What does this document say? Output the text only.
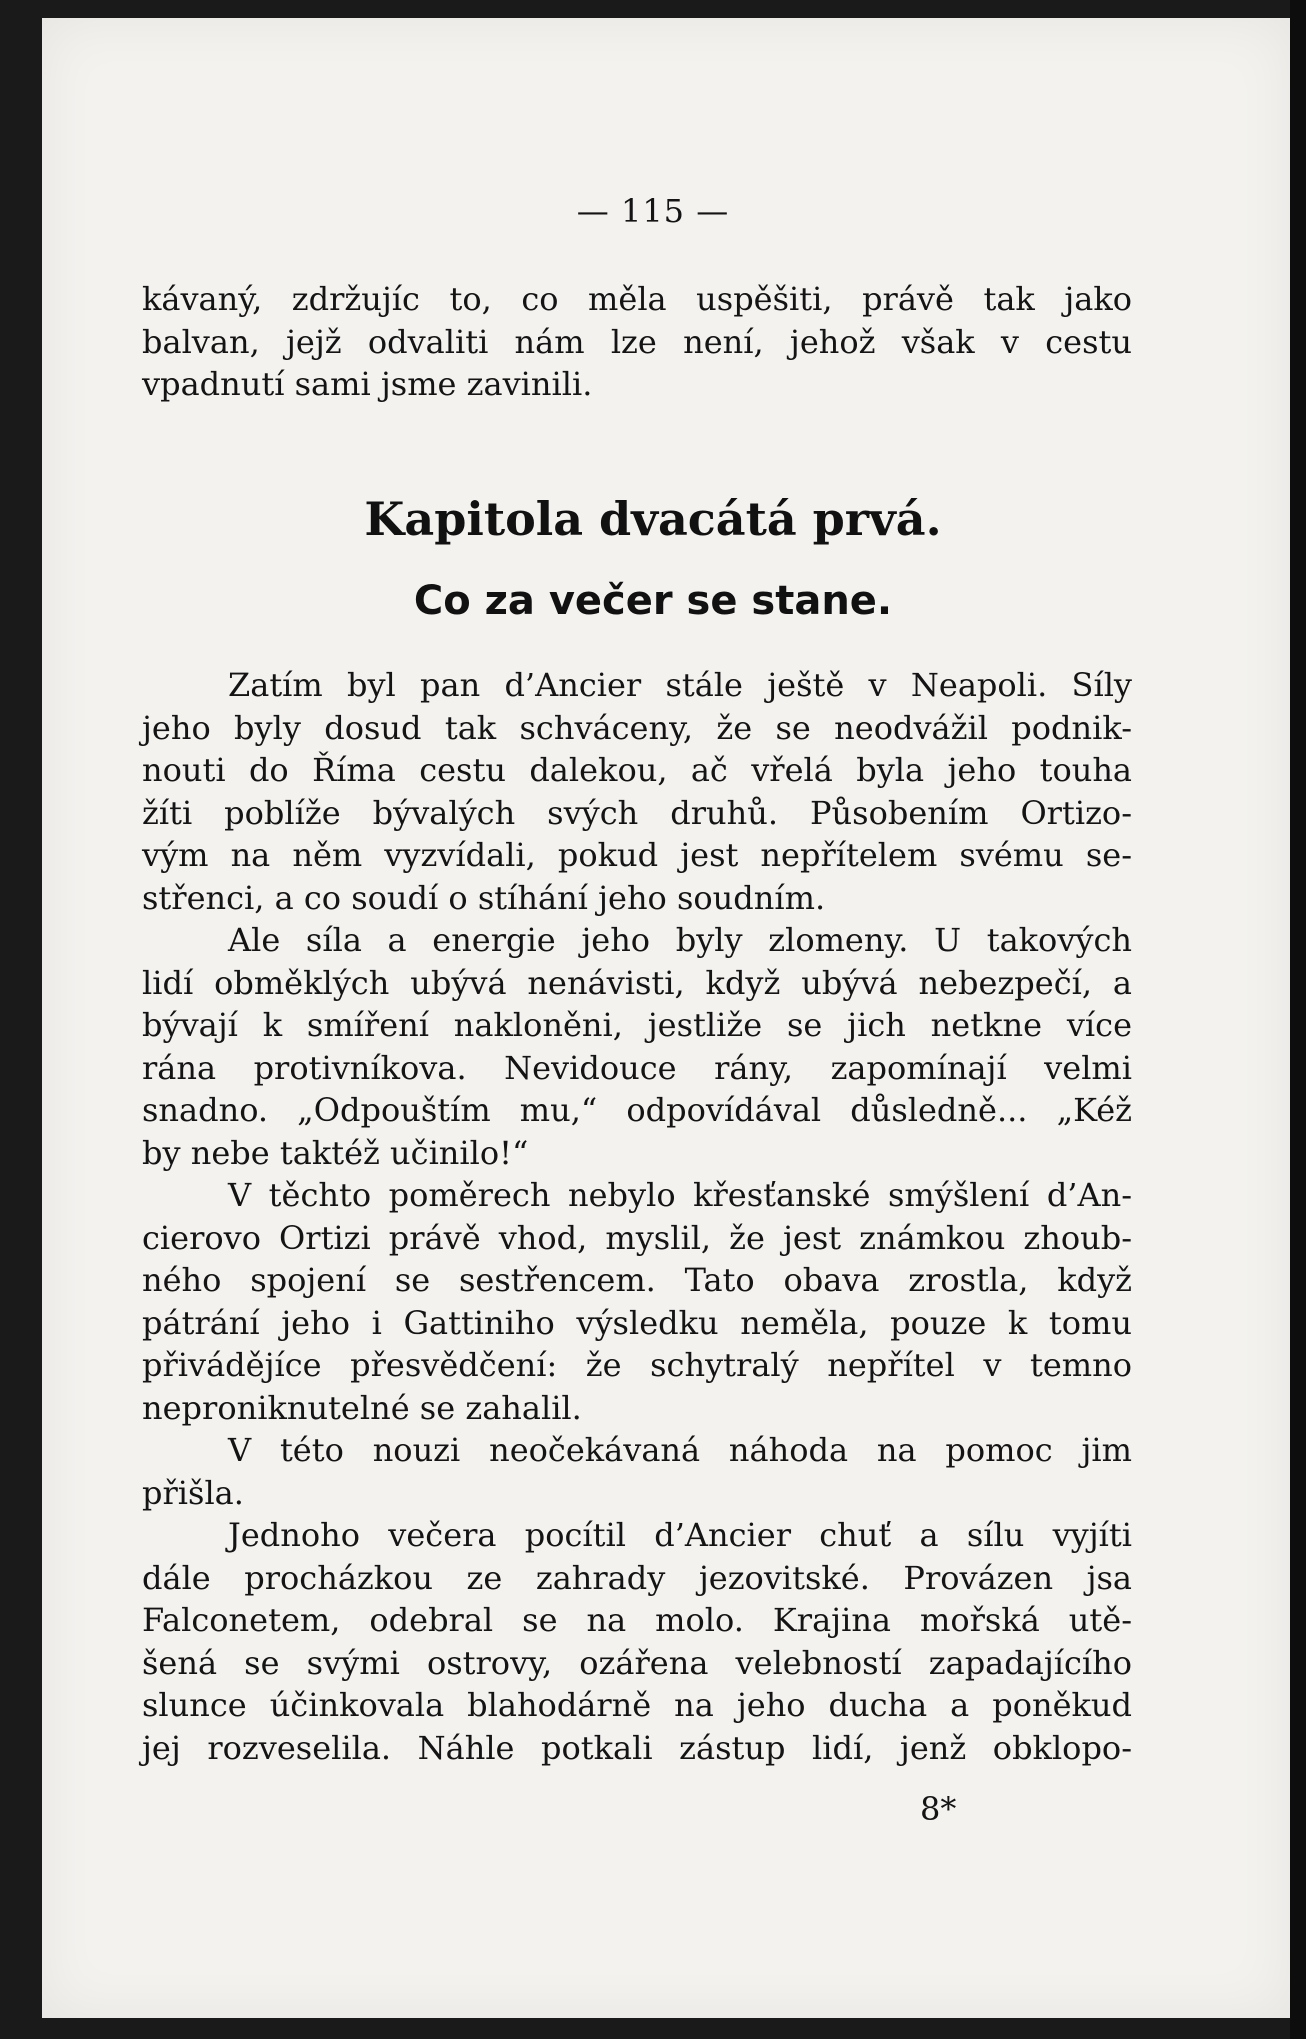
— 115 —
kávaný, zdržujíc to, co měla uspěšiti, právě tak jako
balvan, jejž odvaliti nám lze není, jehož však v cestu
vpadnutí sami jsme zavinili.
Kapitola dvacátá prvá.
Co za večer se stane.
Zatím byl pan d’Ancier stále ještě v Neapoli. Síly
jeho byly dosud tak schváceny, že se neodvážil podnik-
nouti do Říma cestu dalekou, ač vřelá byla jeho touha
žíti poblíže bývalých svých druhů. Působením Ortizo-
vým na něm vyzvídali, pokud jest nepřítelem svému se-
střenci, a co soudí o stíhání jeho soudním.
Ale síla a energie jeho byly zlomeny. U takových
lidí obměklých ubývá nenávisti, když ubývá nebezpečí, a
bývají k smíření nakloněni, jestliže se jich netkne více
rána protivníkova. Nevidouce rány, zapomínají velmi
snadno. „Odpouštím mu,“ odpovídával důsledně... „Kéž
by nebe taktéž učinilo!“
V těchto poměrech nebylo křesťanské smýšlení d’An-
cierovo Ortizi právě vhod, myslil, že jest známkou zhoub-
ného spojení se sestřencem. Tato obava zrostla, když
pátrání jeho i Gattiniho výsledku neměla, pouze k tomu
přivádějíce přesvědčení: že schytralý nepřítel v temno
neproniknutelné se zahalil.
V této nouzi neočekávaná náhoda na pomoc jim
přišla.
Jednoho večera pocítil d’Ancier chuť a sílu vyjíti
dále procházkou ze zahrady jezovitské. Provázen jsa
Falconetem, odebral se na molo. Krajina mořská utě-
šená se svými ostrovy, ozářena velebností zapadajícího
slunce účinkovala blahodárně na jeho ducha a poněkud
jej rozveselila. Náhle potkali zástup lidí, jenž obklopo-
8*
